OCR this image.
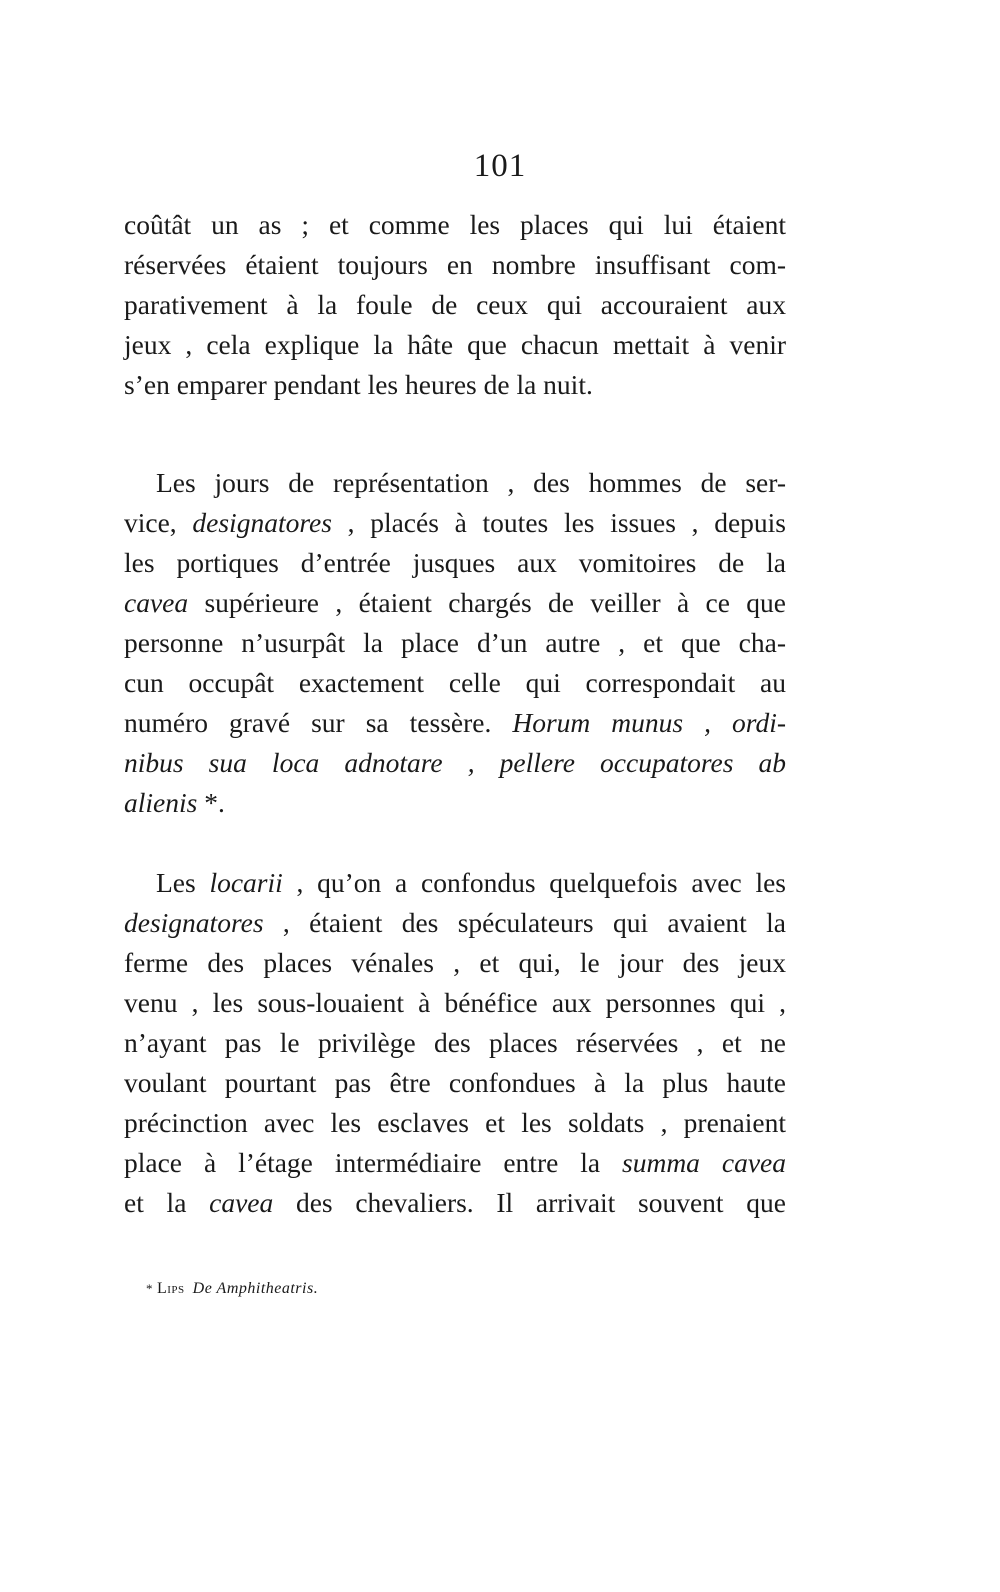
101
coûtât un as ; et comme les places qui lui étaient
réservées étaient toujours en nombre insuffisant com-
parativement à la foule de ceux qui accouraient aux
jeux , cela explique la hâte que chacun mettait à venir
s’en emparer pendant les heures de la nuit.
Les jours de représentation , des hommes de ser-
vice, designatores , placés à toutes les issues , depuis
les portiques d’entrée jusques aux vomitoires de la
cavea supérieure , étaient chargés de veiller à ce que
personne n’usurpât la place d’un autre , et que cha-
cun occupât exactement celle qui correspondait au
numéro gravé sur sa tessère. Horum munus , ordi-
nibus sua loca adnotare , pellere occupatores ab
alienis *.
Les locarii , qu’on a confondus quelquefois avec les
designatores , étaient des spéculateurs qui avaient la
ferme des places vénales , et qui, le jour des jeux
venu , les sous-louaient à bénéfice aux personnes qui ,
n’ayant pas le privilège des places réservées , et ne
voulant pourtant pas être confondues à la plus haute
précinction avec les esclaves et les soldats , prenaient
place à l’étage intermédiaire entre la summa cavea
et la cavea des chevaliers. Il arrivait souvent que
* Lips De Amphitheatris.
